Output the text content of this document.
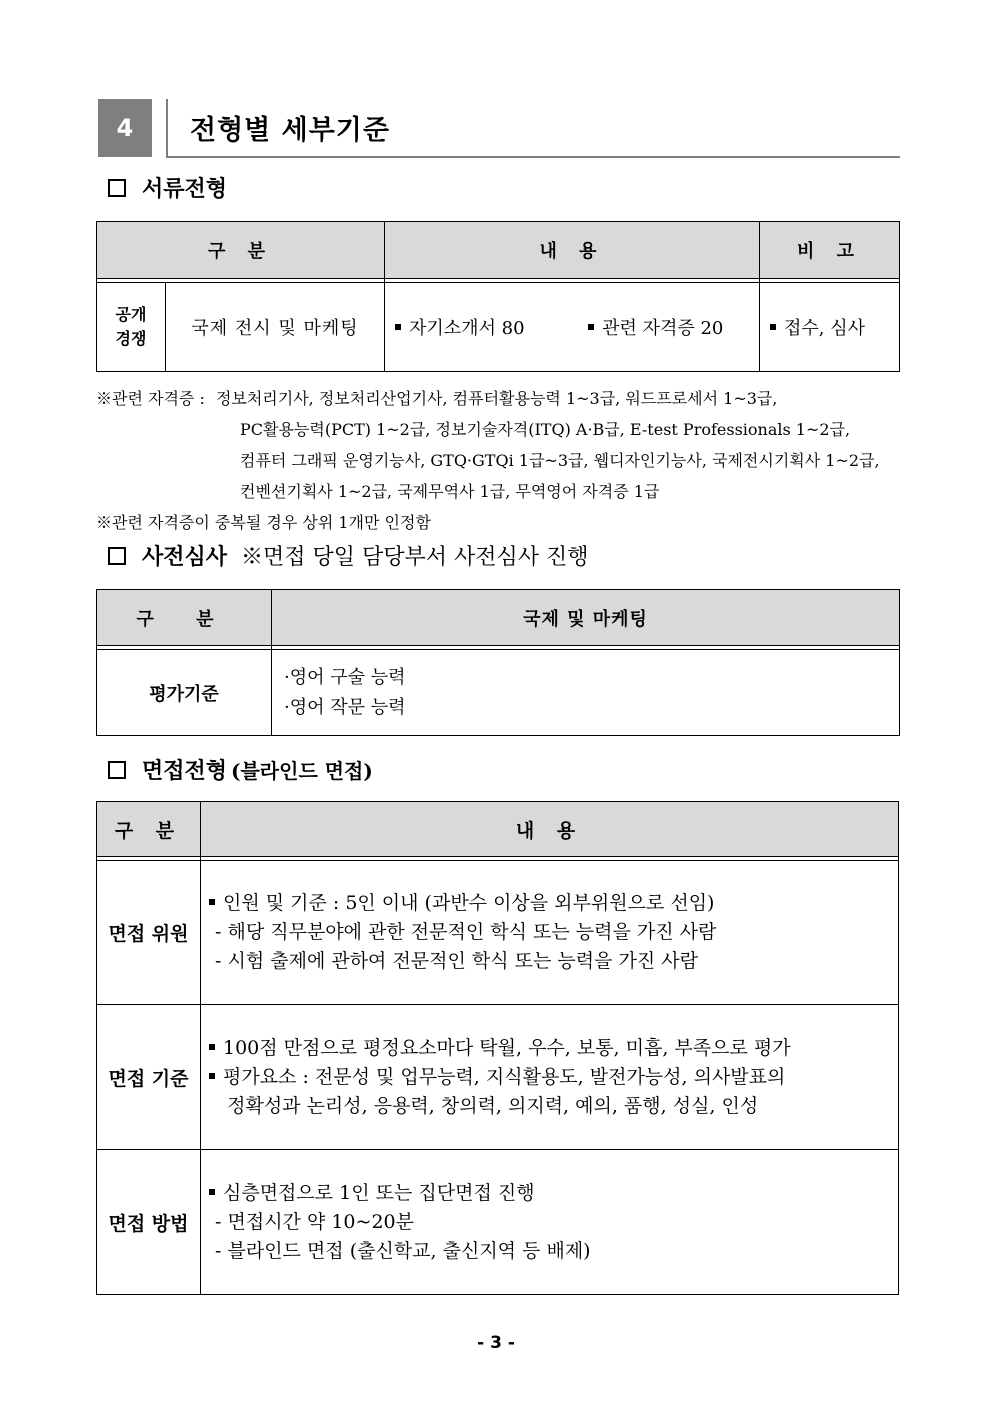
4	전형별 세부기준
서류전형
구 분		내 용	비 고

공개
경쟁	국제 전시 및 마케팅	자기소개서 80 관련 자격증 20	접수, 심사
※관련 자격증 : 정보처리기사, 정보처리산업기사, 컴퓨터활용능력 1~3급, 워드프로세서 1~3급,
PC활용능력(PCT) 1~2급, 정보기술자격(ITQ) A·B급, E-test Professionals 1~2급,
컴퓨터 그래픽 운영기능사, GTQ·GTQi 1급~3급, 웹디자인기능사, 국제전시기획사 1~2급,
컨벤션기획사 1~2급, 국제무역사 1급, 무역영어 자격증 1급
※관련 자격증이 중복될 경우 상위 1개만 인정함
사전심사 ※면접 당일 담당부서 사전심사 진행
구 분	국제 및 마케팅

평가기준	·영어 구술 능력
·영어 작문 능력
면접전형 (블라인드 면접)
구 분	내 용

면접 위원	인원 및 기준 : 5인 이내 (과반수 이상을 외부위원으로 선임)
- 해당 직무분야에 관한 전문적인 학식 또는 능력을 가진 사람
- 시험 출제에 관하여 전문적인 학식 또는 능력을 가진 사람

면접 기준	100점 만점으로 평정요소마다 탁월, 우수, 보통, 미흡, 부족으로 평가
평가요소 : 전문성 및 업무능력, 지식활용도, 발전가능성, 의사발표의
정확성과 논리성, 응용력, 창의력, 의지력, 예의, 품행, 성실, 인성

면접 방법	심층면접으로 1인 또는 집단면접 진행
- 면접시간 약 10~20분
- 블라인드 면접 (출신학교, 출신지역 등 배제)
- 3 -
